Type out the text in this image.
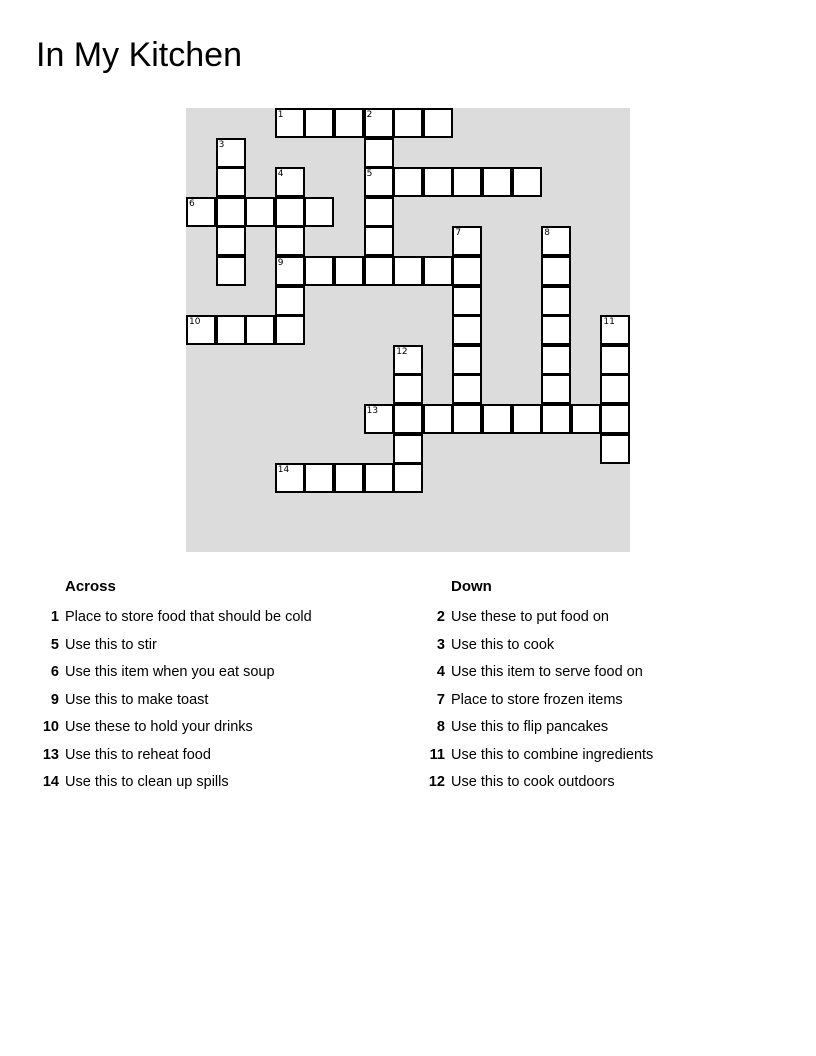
In My Kitchen
1	2
3
4	5
6
7	8
9
10	11
12
13
14
Across
1 Place to store food that should be cold
5 Use this to stir
6 Use this item when you eat soup
9 Use this to make toast
10 Use these to hold your drinks
13 Use this to reheat food
14 Use this to clean up spills
Down
2 Use these to put food on
3 Use this to cook
4 Use this item to serve food on
7 Place to store frozen items
8 Use this to flip pancakes
11 Use this to combine ingredients
12 Use this to cook outdoors
